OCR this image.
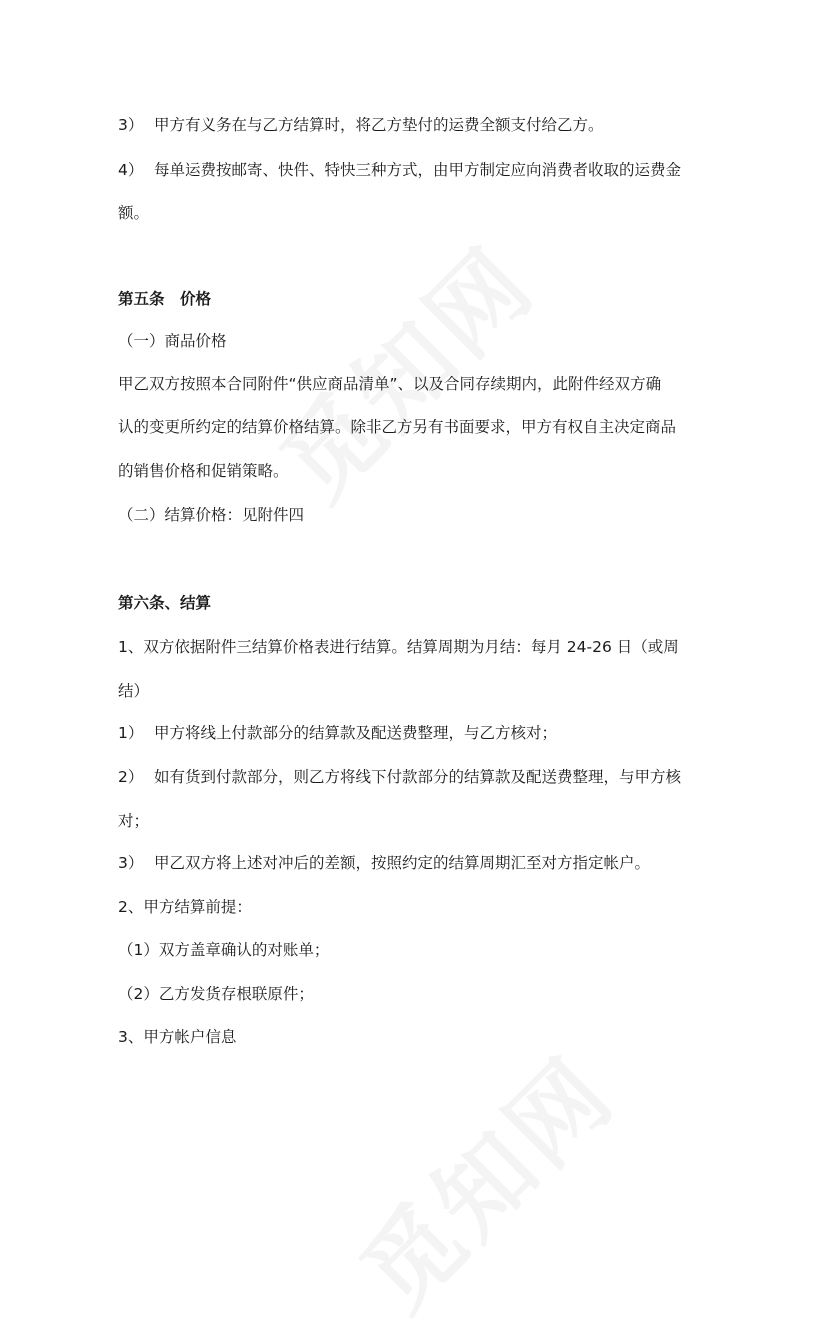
3） 甲方有义务在与乙方结算时，将乙方垫付的运费全额支付给乙方。
4） 每单运费按邮寄、快件、特快三种方式，由甲方制定应向消费者收取的运费金
额。
第五条　价格
（一）商品价格
甲乙双方按照本合同附件“供应商品清单”、以及合同存续期内，此附件经双方确
认的变更所约定的结算价格结算。除非乙方另有书面要求，甲方有权自主决定商品
的销售价格和促销策略。
（二）结算价格：见附件四
第六条、结算
1、双方依据附件三结算价格表进行结算。结算周期为月结：每月 24-26 日（或周
结）
1） 甲方将线上付款部分的结算款及配送费整理，与乙方核对；
2） 如有货到付款部分，则乙方将线下付款部分的结算款及配送费整理，与甲方核
对；
3） 甲乙双方将上述对冲后的差额，按照约定的结算周期汇至对方指定帐户。
2、甲方结算前提：
（1）双方盖章确认的对账单；
（2）乙方发货存根联原件；
3、甲方帐户信息
